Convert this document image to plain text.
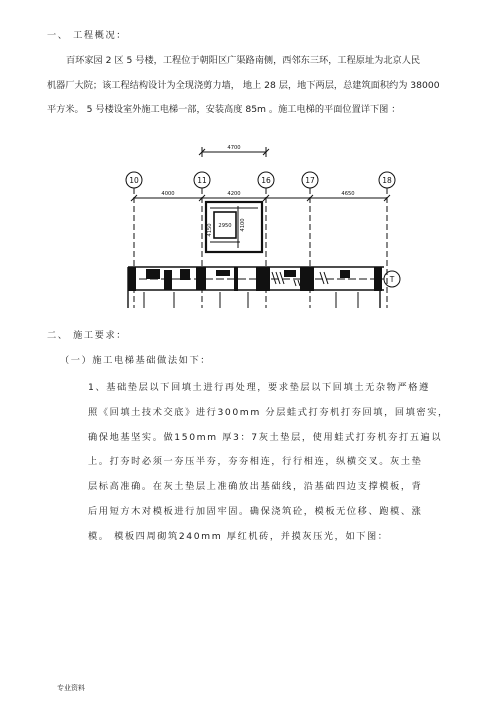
一、 工程概况：
百环家园 2 区 5 号楼，工程位于朝阳区广渠路南侧，西邻东三环，工程原址为北京人民
机器厂大院；该工程结构设计为全现浇剪力墙， 地上 28 层，地下两层，总建筑面积约为 38000
平方米。 5 号楼设室外施工电梯一部，安装高度 85m 。施工电梯的平面位置详下图 ：
10	11	16	17	18
T
4700
4000	4200	4650
2950
4150	4100
二、 施工要求：
（一）施工电梯基础做法如下：
1、基础垫层以下回填土进行再处理，要求垫层以下回填土无杂物严格遵
照《回填土技术交底》进行300mm 分层蛙式打夯机打夯回填，回填密实，
确保地基坚实。做150mm 厚3：7灰土垫层，使用蛙式打夯机夯打五遍以
上。打夯时必须一夯压半夯，夯夯相连，行行相连，纵横交叉。灰土垫
层标高准确。在灰土垫层上准确放出基础线，沿基础四边支撑模板，背
后用短方木对模板进行加固牢固。确保浇筑砼，模板无位移、跑模、涨
模。 模板四周砌筑240mm 厚红机砖，并摸灰压光，如下图：
专业资料
